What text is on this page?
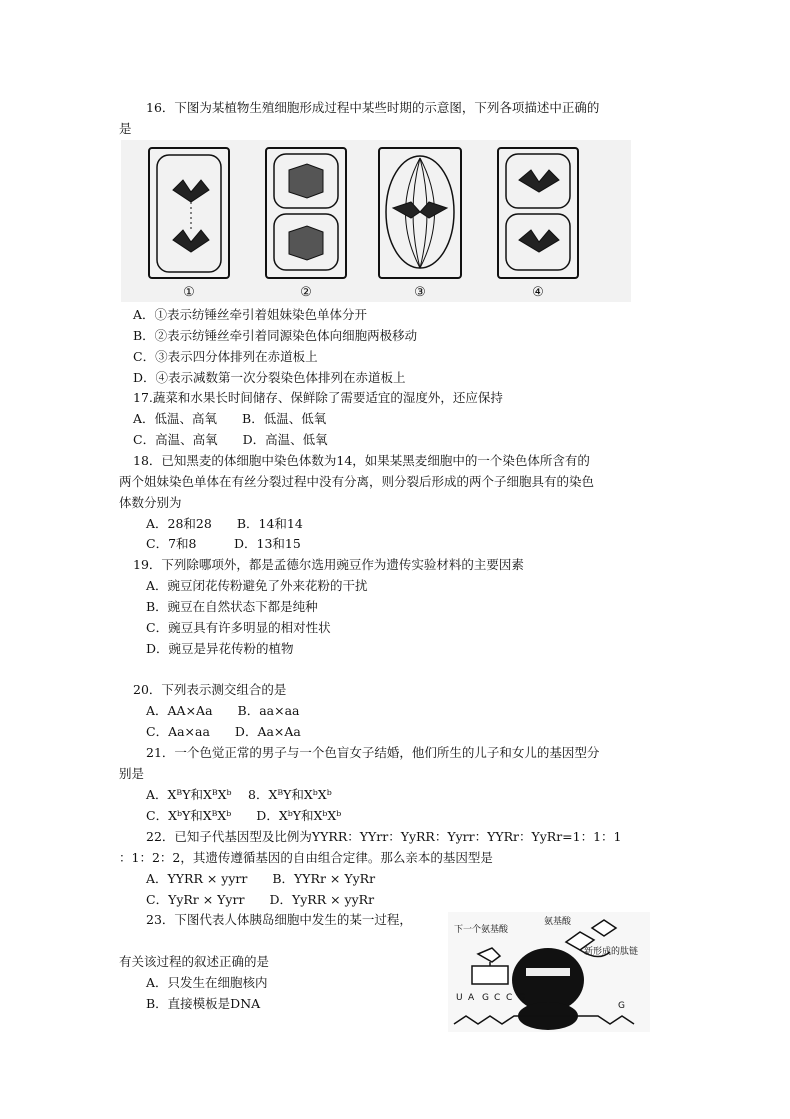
16．下图为某植物生殖细胞形成过程中某些时期的示意图，下列各项描述中正确的
是
①	②	③	④
A．①表示纺锤丝牵引着姐妹染色单体分开
B．②表示纺锤丝牵引着同源染色体向细胞两极移动
C．③表示四分体排列在赤道板上
D．④表示减数第一次分裂染色体排列在赤道板上
17.蔬菜和水果长时间储存、保鲜除了需要适宜的湿度外，还应保持
A．低温、高氧　　B．低温、低氧
C．高温、高氧　　D．高温、低氧
18．已知黑麦的体细胞中染色体数为14，如果某黑麦细胞中的一个染色体所含有的
两个姐妹染色单体在有丝分裂过程中没有分离，则分裂后形成的两个子细胞具有的染色
体数分别为
A．28和28　　B．14和14
C．7和8　　　D．13和15
19．下列除哪项外，都是孟德尔选用豌豆作为遗传实验材料的主要因素
A．豌豆闭花传粉避免了外来花粉的干扰
B．豌豆在自然状态下都是纯种
C．豌豆具有许多明显的相对性状
D．豌豆是异花传粉的植物
20．下列表示测交组合的是
A．AA×Aa　　B．aa×aa
C．Aa×aa　　D．Aa×Aa
21．一个色觉正常的男子与一个色盲女子结婚，他们所生的儿子和女儿的基因型分
别是
A．XᴮY和XᴮXᵇ　 8．XᴮY和XᵇXᵇ
C．XᵇY和XᴮXᵇ　　D．XᵇY和XᵇXᵇ
22．已知子代基因型及比例为YYRR：YYrr：YyRR：Yyrr：YYRr：YyRr=1：1：1
：1：2：2，其遗传遵循基因的自由组合定律。那么亲本的基因型是
A．YYRR × yyrr　　B．YYRr × YyRr
C．YyRr × Yyrr　　D．YyRR × yyRr
23．下图代表人体胰岛细胞中发生的某一过程，
有关该过程的叙述正确的是
A．只发生在细胞核内
B．直接模板是DNA
下一个氨基酸
氨基酸
新形成的肽链
U A G C C G
G
